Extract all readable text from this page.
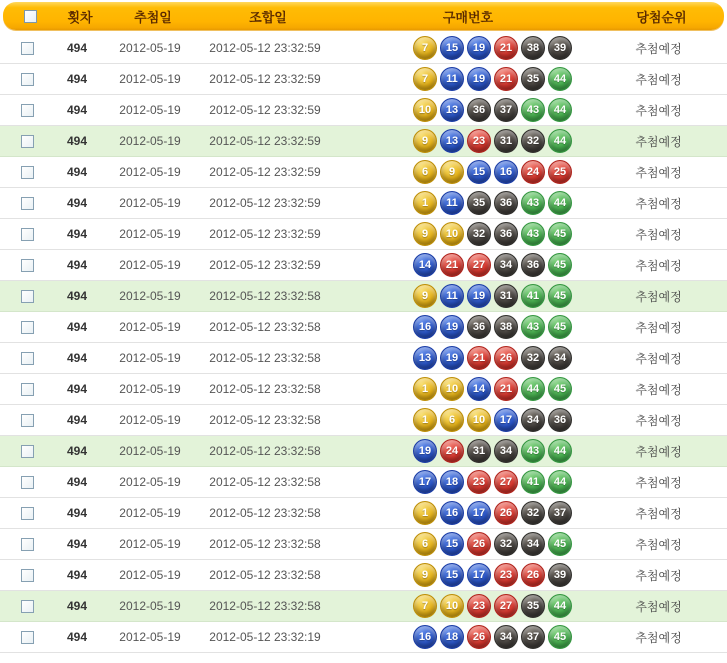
횟차	추첨일	조합일	구매번호	당첨순위
494	2012-05-19	2012-05-12 23:32:59	7	15	19	21	38	39	추첨예정
494	2012-05-19	2012-05-12 23:32:59	7	11	19	21	35	44	추첨예정
494	2012-05-19	2012-05-12 23:32:59	10	13	36	37	43	44	추첨예정
494	2012-05-19	2012-05-12 23:32:59	9	13	23	31	32	44	추첨예정
494	2012-05-19	2012-05-12 23:32:59	6	9	15	16	24	25	추첨예정
494	2012-05-19	2012-05-12 23:32:59	1	11	35	36	43	44	추첨예정
494	2012-05-19	2012-05-12 23:32:59	9	10	32	36	43	45	추첨예정
494	2012-05-19	2012-05-12 23:32:59	14	21	27	34	36	45	추첨예정
494	2012-05-19	2012-05-12 23:32:58	9	11	19	31	41	45	추첨예정
494	2012-05-19	2012-05-12 23:32:58	16	19	36	38	43	45	추첨예정
494	2012-05-19	2012-05-12 23:32:58	13	19	21	26	32	34	추첨예정
494	2012-05-19	2012-05-12 23:32:58	1	10	14	21	44	45	추첨예정
494	2012-05-19	2012-05-12 23:32:58	1	6	10	17	34	36	추첨예정
494	2012-05-19	2012-05-12 23:32:58	19	24	31	34	43	44	추첨예정
494	2012-05-19	2012-05-12 23:32:58	17	18	23	27	41	44	추첨예정
494	2012-05-19	2012-05-12 23:32:58	1	16	17	26	32	37	추첨예정
494	2012-05-19	2012-05-12 23:32:58	6	15	26	32	34	45	추첨예정
494	2012-05-19	2012-05-12 23:32:58	9	15	17	23	26	39	추첨예정
494	2012-05-19	2012-05-12 23:32:58	7	10	23	27	35	44	추첨예정
494	2012-05-19	2012-05-12 23:32:19	16	18	26	34	37	45	추첨예정
